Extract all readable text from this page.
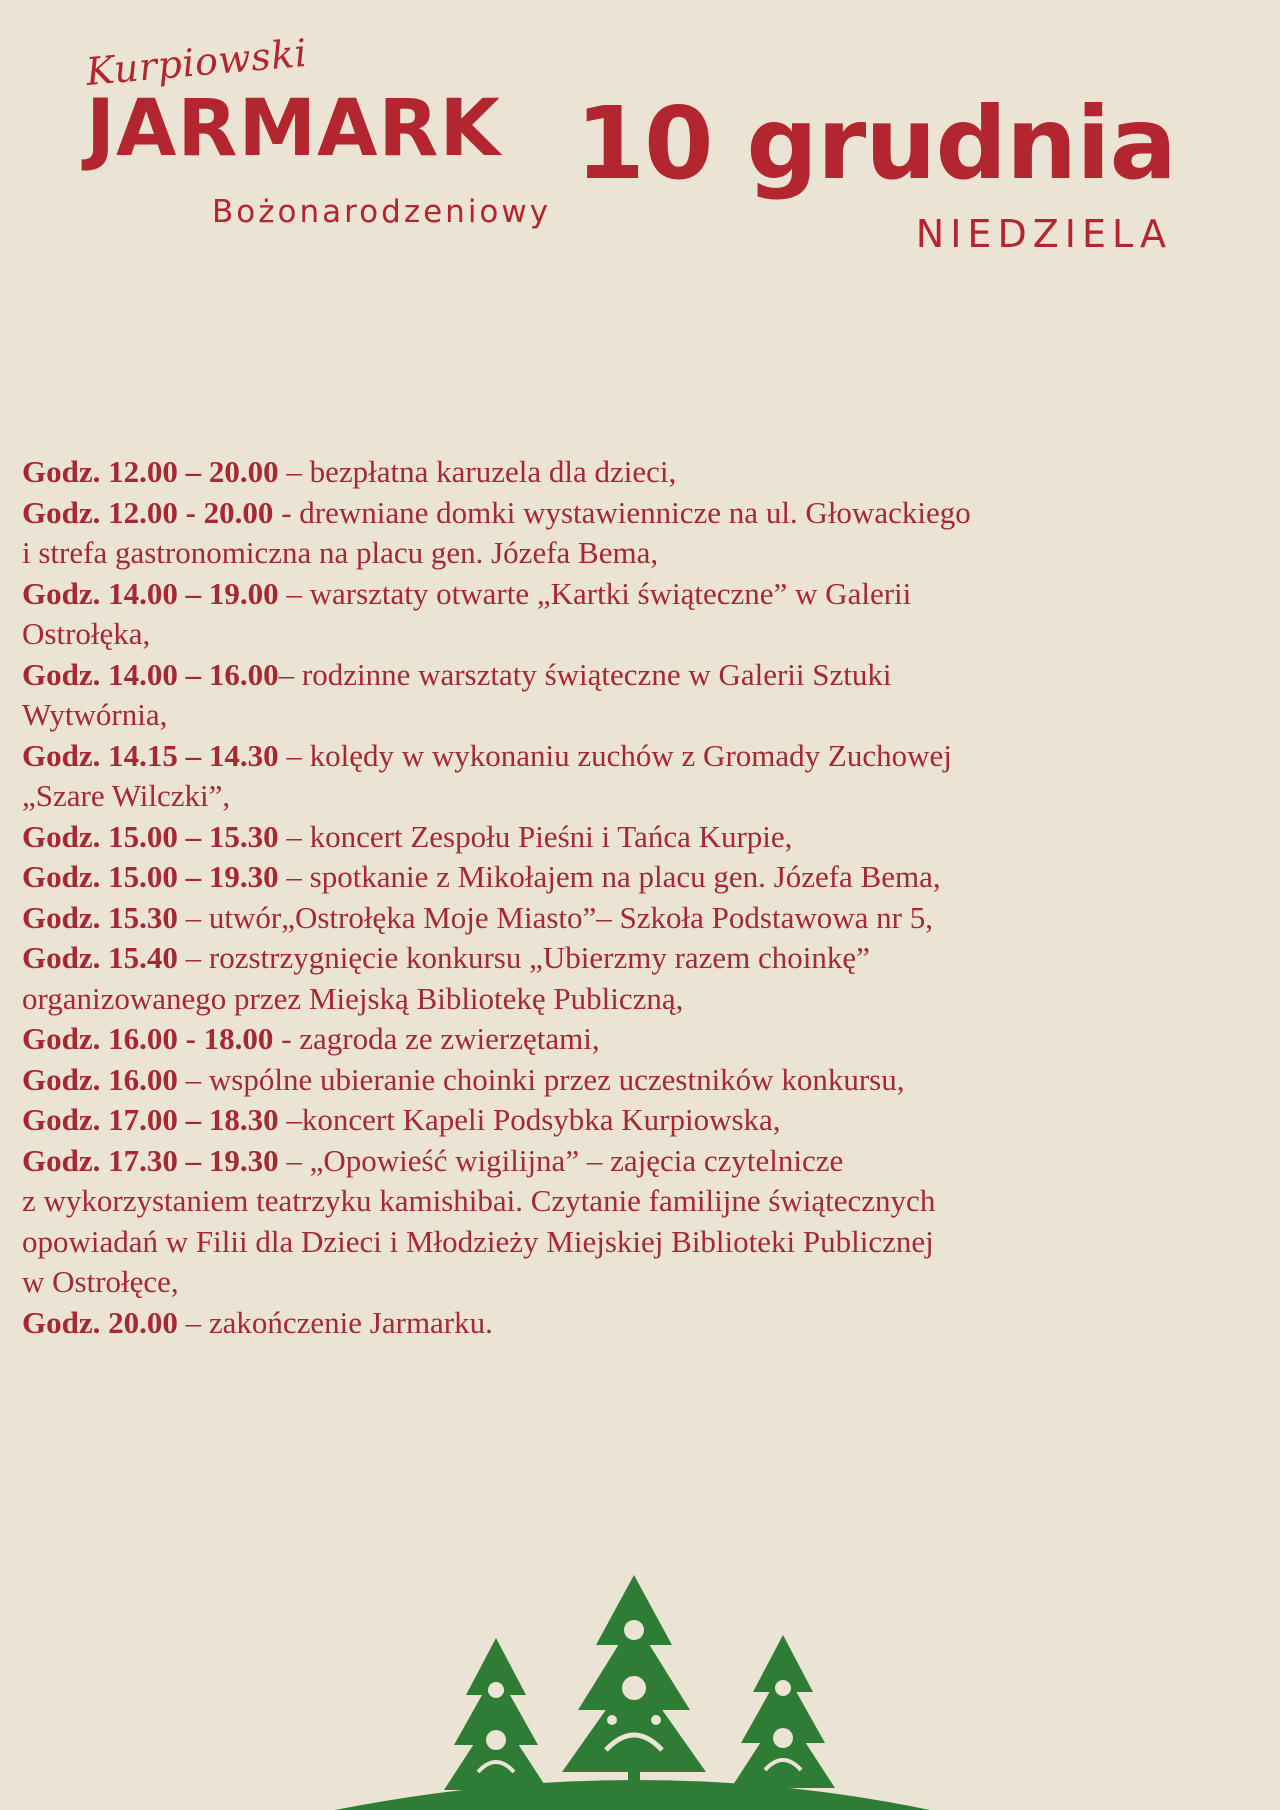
Kurpiowski
JARMARK
Bożonarodzeniowy
10 grudnia
NIEDZIELA
Godz. 12.00 – 20.00 – bezpłatna karuzela dla dzieci,
Godz. 12.00 - 20.00 - drewniane domki wystawiennicze na ul. Głowackiego
i strefa gastronomiczna na placu gen. Józefa Bema,
Godz. 14.00 – 19.00 – warsztaty otwarte „Kartki świąteczne” w Galerii
Ostrołęka,
Godz. 14.00 – 16.00– rodzinne warsztaty świąteczne w Galerii Sztuki
Wytwórnia,
Godz. 14.15 – 14.30 – kolędy w wykonaniu zuchów z Gromady Zuchowej
„Szare Wilczki”,
Godz. 15.00 – 15.30 – koncert Zespołu Pieśni i Tańca Kurpie,
Godz. 15.00 – 19.30 – spotkanie z Mikołajem na placu gen. Józefa Bema,
Godz. 15.30 – utwór„Ostrołęka Moje Miasto”– Szkoła Podstawowa nr 5,
Godz. 15.40 – rozstrzygnięcie konkursu „Ubierzmy razem choinkę”
organizowanego przez Miejską Bibliotekę Publiczną,
Godz. 16.00 - 18.00 - zagroda ze zwierzętami,
Godz. 16.00 – wspólne ubieranie choinki przez uczestników konkursu,
Godz. 17.00 – 18.30 –koncert Kapeli Podsybka Kurpiowska,
Godz. 17.30 – 19.30 – „Opowieść wigilijna” – zajęcia czytelnicze
z wykorzystaniem teatrzyku kamishibai. Czytanie familijne świątecznych
opowiadań w Filii dla Dzieci i Młodzieży Miejskiej Biblioteki Publicznej
w Ostrołęce,
Godz. 20.00 – zakończenie Jarmarku.
